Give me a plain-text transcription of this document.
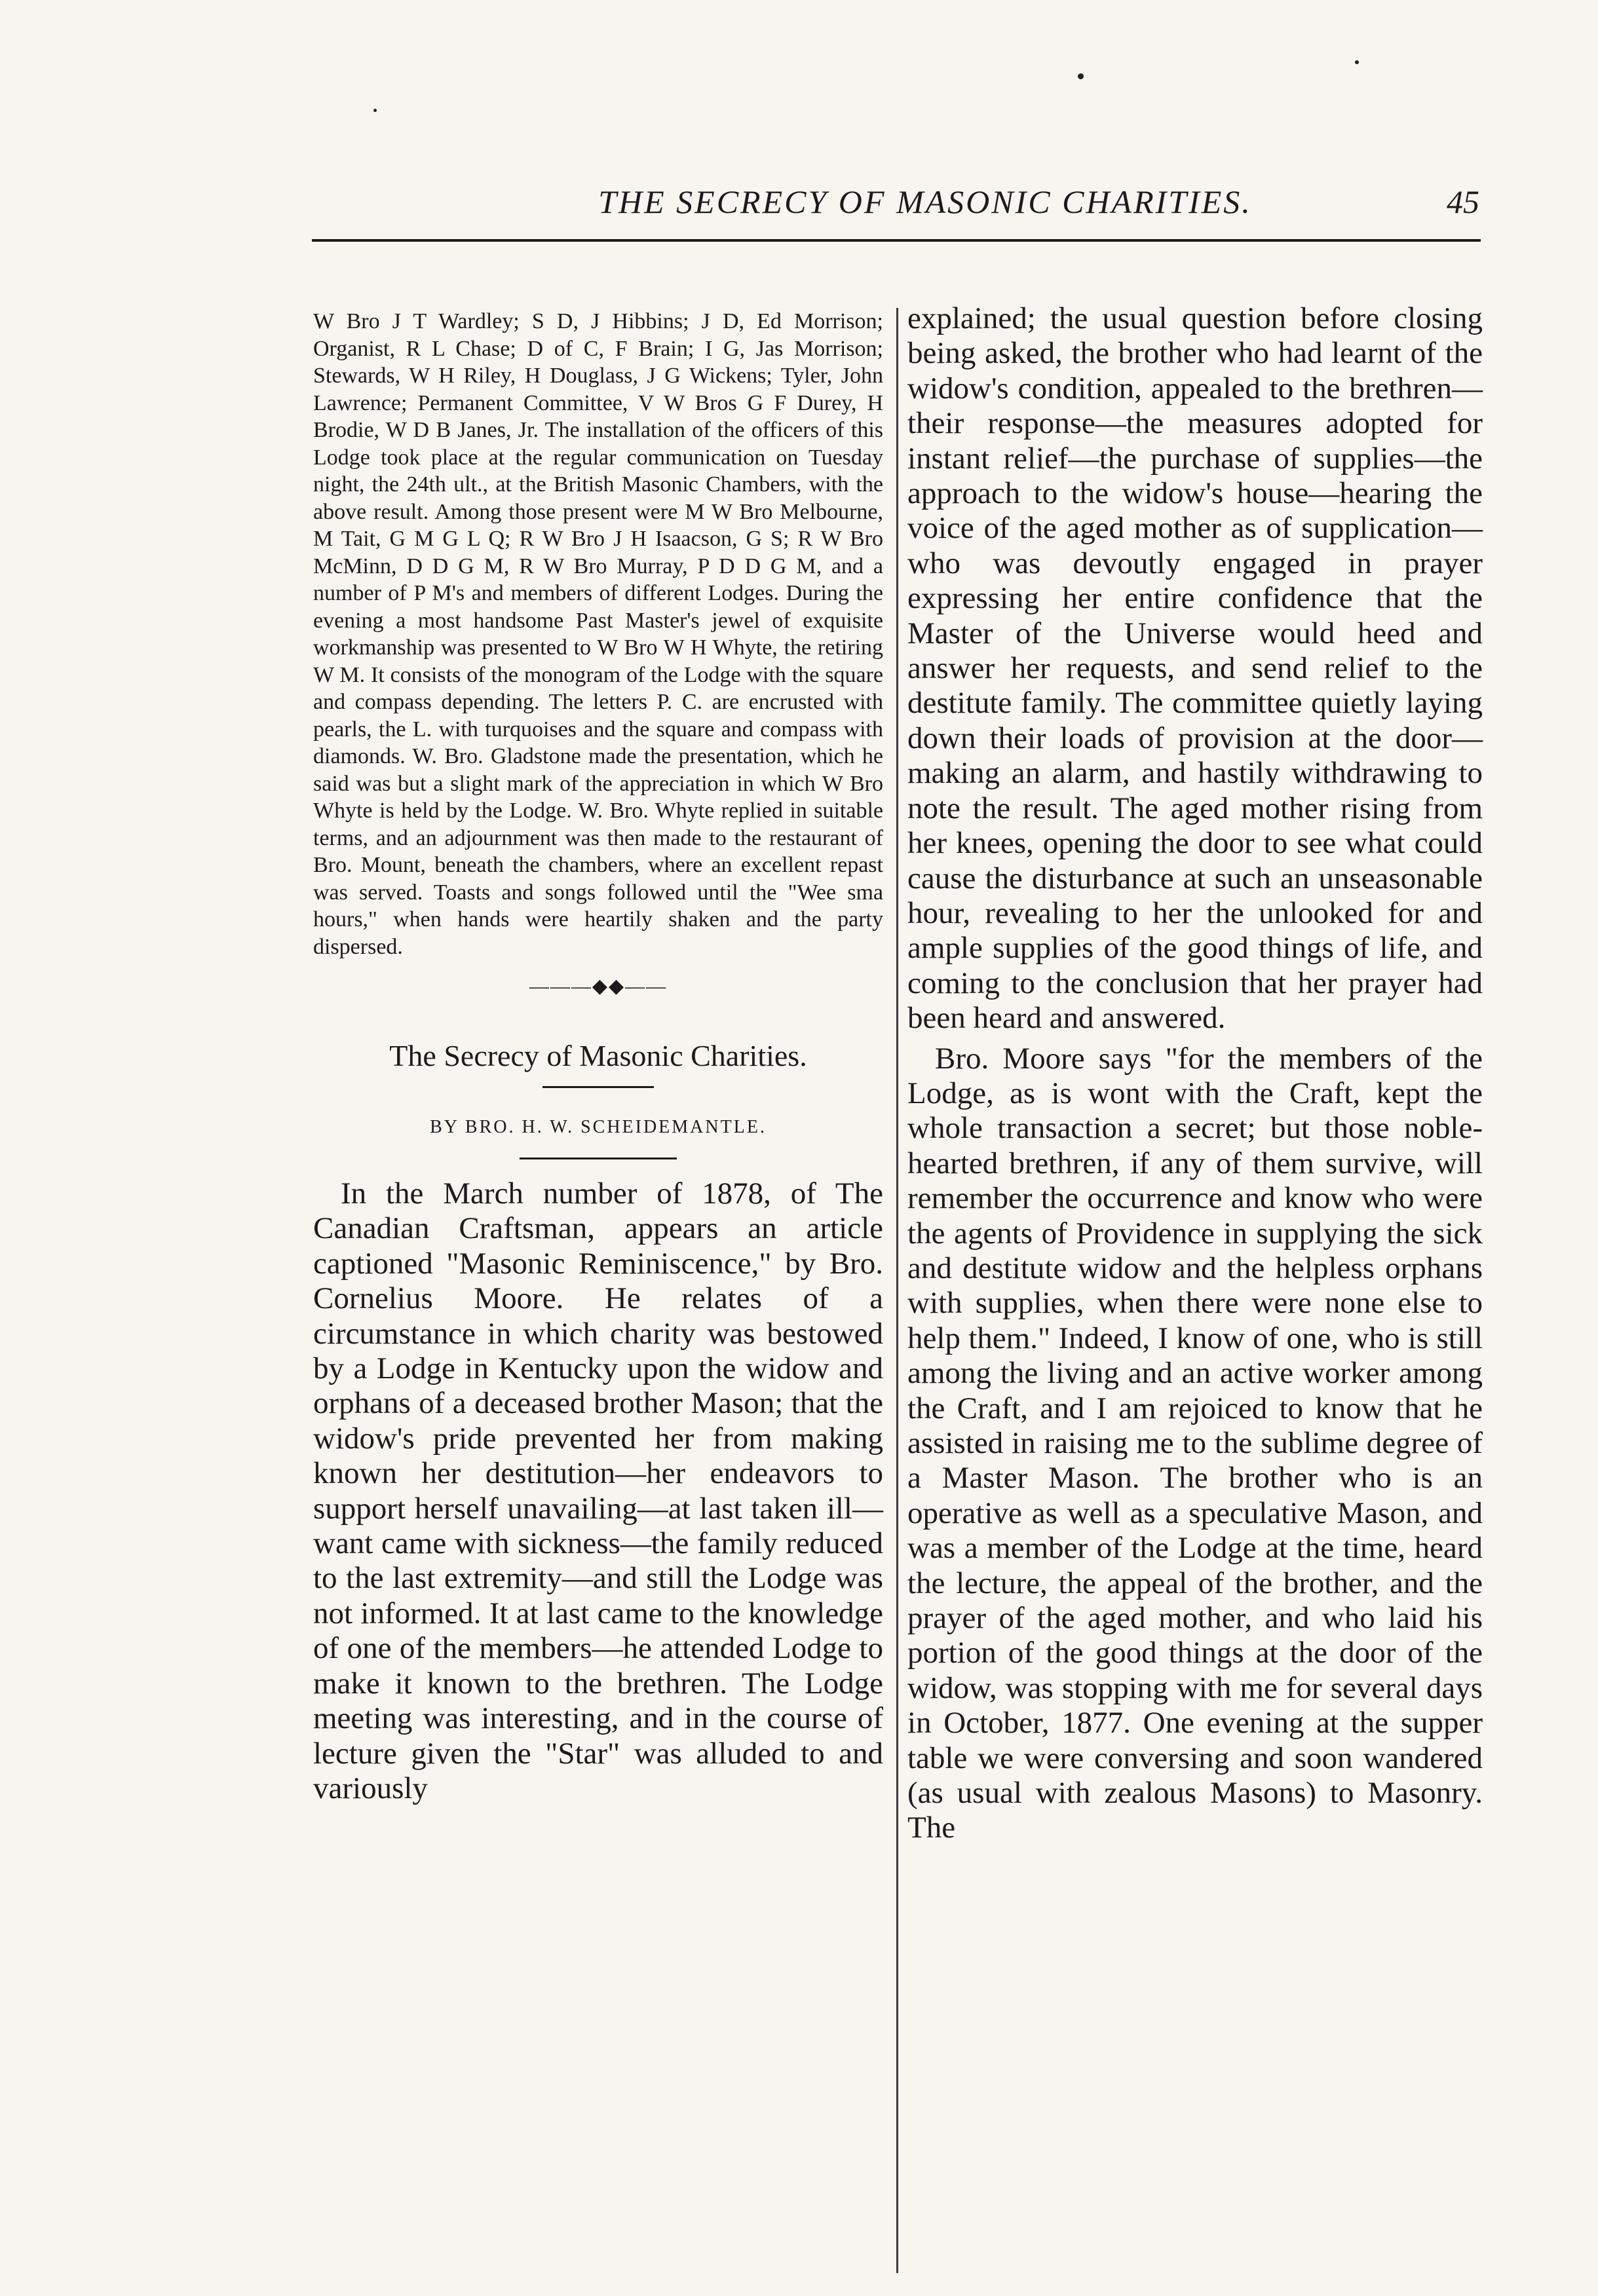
THE SECRECY OF MASONIC CHARITIES.	45

W Bro J T Wardley; S D, J Hibbins; J D, Ed Morrison; Organist, R L Chase; D of C, F Brain; I G, Jas Morrison; Stewards, W H Riley, H Douglass, J G Wickens; Tyler, John Lawrence; Permanent Committee, V W Bros G F Durey, H Brodie, W D B Janes, Jr. The installation of the officers of this Lodge took place at the regular communication on Tuesday night, the 24th ult., at the British Masonic Chambers, with the above result. Among those present were M W Bro Melbourne, M Tait, G M G L Q; R W Bro J H Isaacson, G S; R W Bro McMinn, D D G M, R W Bro Murray, P D D G M, and a number of P M's and members of different Lodges. During the evening a most handsome Past Master's jewel of exquisite workmanship was presented to W Bro W H Whyte, the retiring W M. It consists of the monogram of the Lodge with the square and compass depending. The letters P. C. are encrusted with pearls, the L. with turquoises and the square and compass with diamonds. W. Bro. Gladstone made the presentation, which he said was but a slight mark of the appreciation in which W Bro Whyte is held by the Lodge. W. Bro. Whyte replied in suitable terms, and an adjournment was then made to the restaurant of Bro. Mount, beneath the chambers, where an excellent repast was served. Toasts and songs followed until the "Wee sma hours," when hands were heartily shaken and the party dispersed.

———◆◆——
The Secrecy of Masonic Charities.
BY BRO. H. W. SCHEIDEMANTLE.

In the March number of 1878, of The Canadian Craftsman, appears an article captioned "Masonic Reminiscence," by Bro. Cornelius Moore. He relates of a circumstance in which charity was bestowed by a Lodge in Kentucky upon the widow and orphans of a deceased brother Mason; that the widow's pride prevented her from making known her destitution—her endeavors to support herself unavailing—at last taken ill—want came with sickness—the family reduced to the last extremity—and still the Lodge was not informed. It at last came to the knowledge of one of the members—he attended Lodge to make it known to the brethren. The Lodge meeting was interesting, and in the course of lecture given the "Star" was alluded to and variously

explained; the usual question before closing being asked, the brother who had learnt of the widow's condition, appealed to the brethren—their response—the measures adopted for instant relief—the purchase of supplies—the approach to the widow's house—hearing the voice of the aged mother as of supplication—who was devoutly engaged in prayer expressing her entire confidence that the Master of the Universe would heed and answer her requests, and send relief to the destitute family. The committee quietly laying down their loads of provision at the door—making an alarm, and hastily withdrawing to note the result. The aged mother rising from her knees, opening the door to see what could cause the disturbance at such an unseasonable hour, revealing to her the unlooked for and ample supplies of the good things of life, and coming to the conclusion that her prayer had been heard and answered.

Bro. Moore says "for the members of the Lodge, as is wont with the Craft, kept the whole transaction a secret; but those noble-hearted brethren, if any of them survive, will remember the occurrence and know who were the agents of Providence in supplying the sick and destitute widow and the helpless orphans with supplies, when there were none else to help them." Indeed, I know of one, who is still among the living and an active worker among the Craft, and I am rejoiced to know that he assisted in raising me to the sublime degree of a Master Mason. The brother who is an operative as well as a speculative Mason, and was a member of the Lodge at the time, heard the lecture, the appeal of the brother, and the prayer of the aged mother, and who laid his portion of the good things at the door of the widow, was stopping with me for several days in October, 1877. One evening at the supper table we were conversing and soon wandered (as usual with zealous Masons) to Masonry. The
